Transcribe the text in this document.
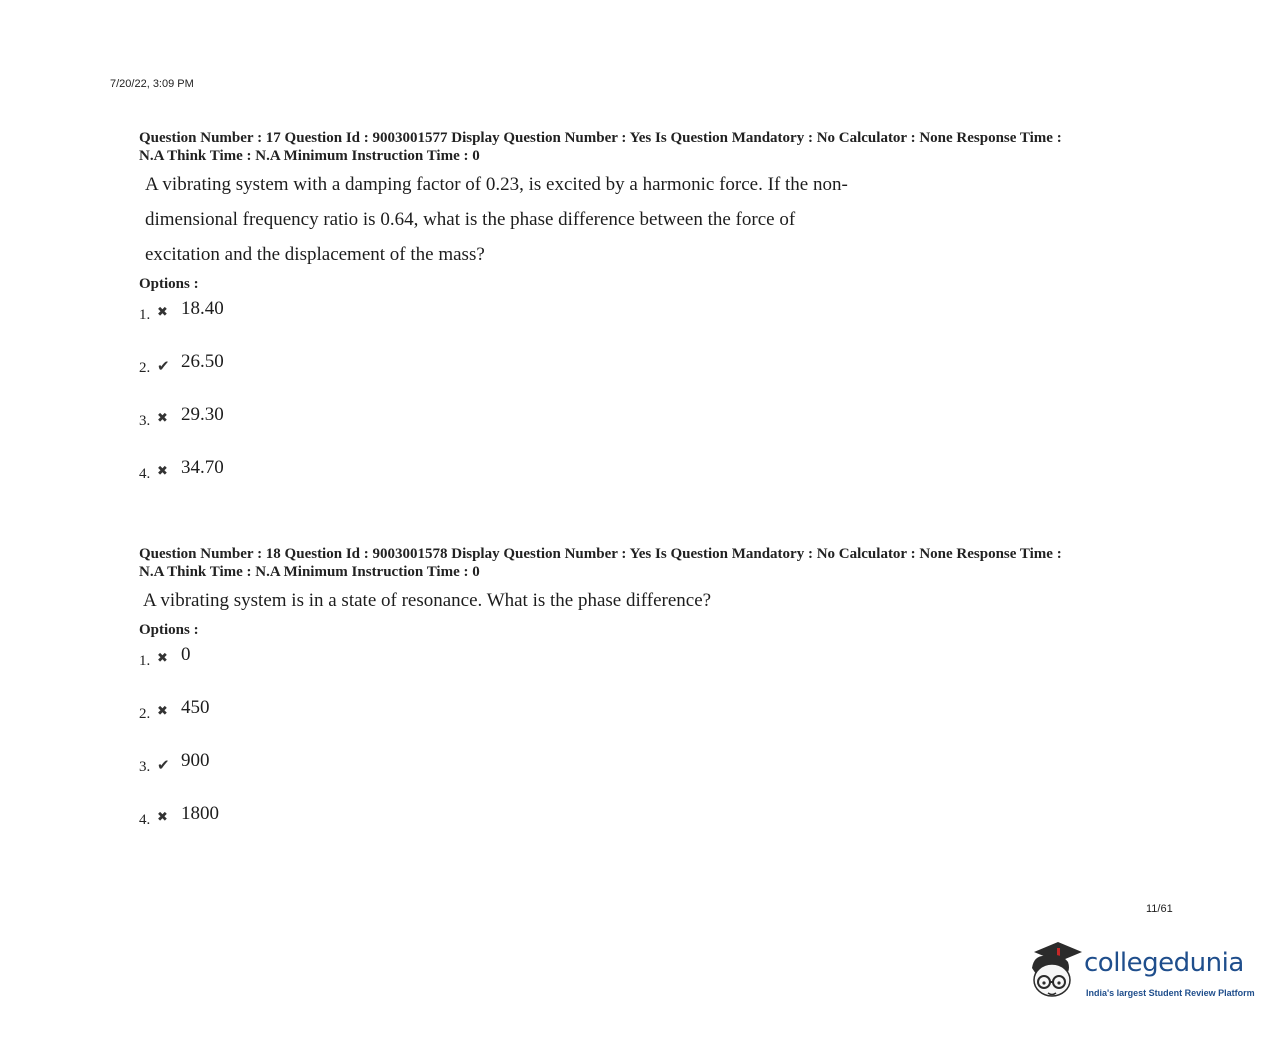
7/20/22, 3:09 PM
Question Number : 17 Question Id : 9003001577 Display Question Number : Yes Is Question Mandatory : No Calculator : None Response Time :
N.A Think Time : N.A Minimum Instruction Time : 0
A vibrating system with a damping factor of 0.23, is excited by a harmonic force. If the non-
dimensional frequency ratio is 0.64, what is the phase difference between the force of
excitation and the displacement of the mass?
Options :
1. ✖ 18.40
2. ✔ 26.50
3. ✖ 29.30
4. ✖ 34.70
Question Number : 18 Question Id : 9003001578 Display Question Number : Yes Is Question Mandatory : No Calculator : None Response Time :
N.A Think Time : N.A Minimum Instruction Time : 0
A vibrating system is in a state of resonance. What is the phase difference?
Options :
1. ✖ 0
2. ✖ 450
3. ✔ 900
4. ✖ 1800
11/61
collegedunia
India's largest Student Review Platform
